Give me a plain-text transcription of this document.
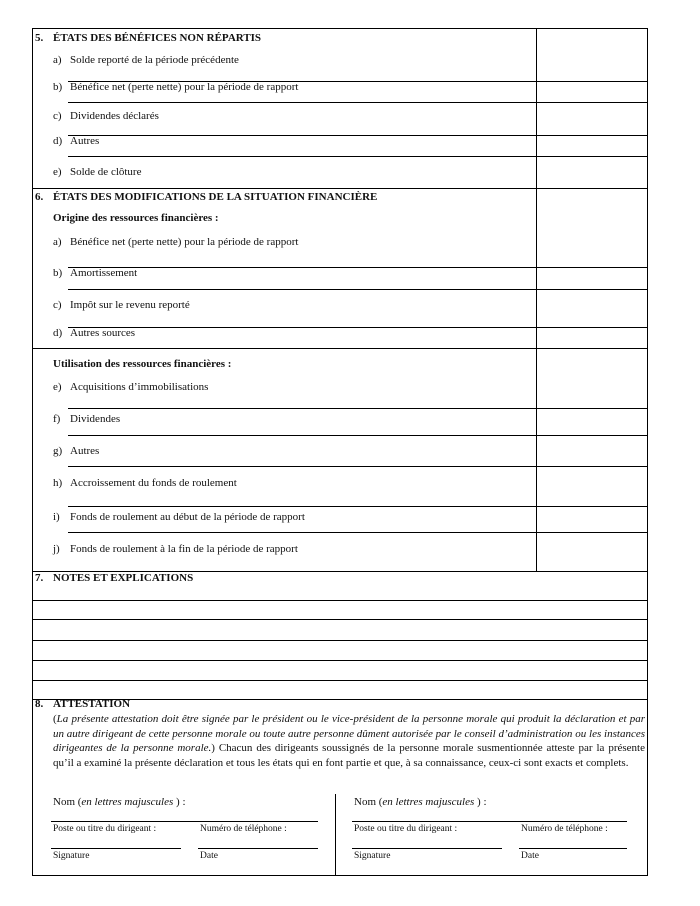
5. ÉTATS DES BÉNÉFICES NON RÉPARTIS
a) Solde reporté de la période précédente
b) Bénéfice net (perte nette) pour la période de rapport
c) Dividendes déclarés
d) Autres
e) Solde de clôture
6. ÉTATS DES MODIFICATIONS DE LA SITUATION FINANCIÈRE
Origine des ressources financières :
a) Bénéfice net (perte nette) pour la période de rapport
b) Amortissement
c) Impôt sur le revenu reporté
d) Autres sources
Utilisation des ressources financières :
e) Acquisitions d’immobilisations
f) Dividendes
g) Autres
h) Accroissement du fonds de roulement
i) Fonds de roulement au début de la période de rapport
j) Fonds de roulement à la fin de la période de rapport
7. NOTES ET EXPLICATIONS
8. ATTESTATION
(La présente attestation doit être signée par le président ou le vice-président de la personne morale qui produit la déclaration et par un autre dirigeant de cette personne morale ou toute autre personne dûment autorisée par le conseil d’administration ou les instances dirigeantes de la personne morale.) Chacun des dirigeants soussignés de la personne morale susmentionnée atteste par la présente qu’il a examiné la présente déclaration et tous les états qui en font partie et que, à sa connaissance, ceux-ci sont exacts et complets.
Nom (en lettres majuscules ) :
Poste ou titre du dirigeant :	Numéro de téléphone :
Signature	Date
Nom (en lettres majuscules ) :
Poste ou titre du dirigeant :	Numéro de téléphone :
Signature	Date
